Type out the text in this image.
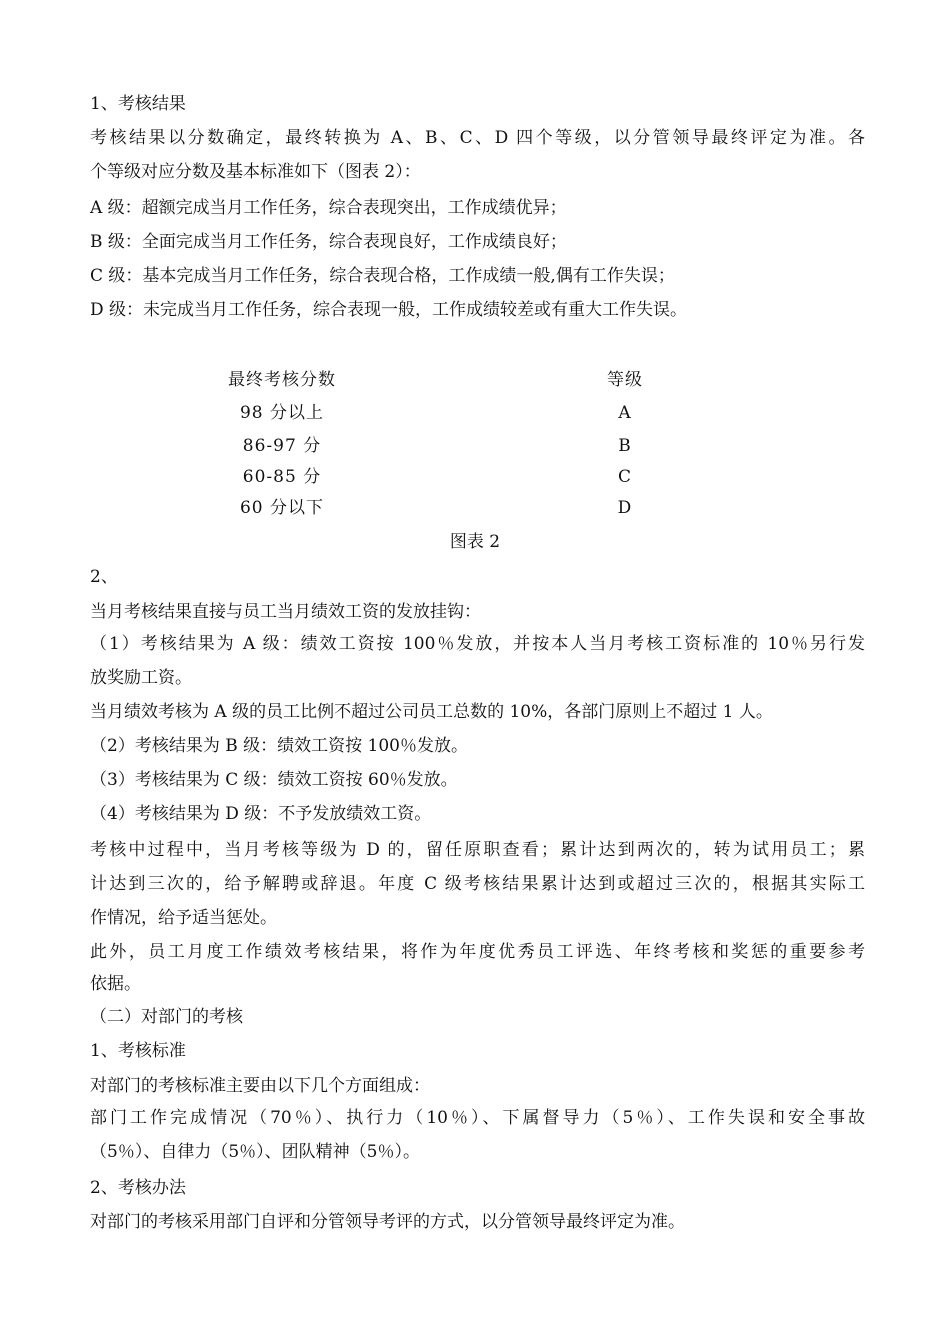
1、考核结果
考核结果以分数确定，最终转换为 A、B、C、D 四个等级，以分管领导最终评定为准。各
个等级对应分数及基本标准如下（图表 2）：
A 级：超额完成当月工作任务，综合表现突出，工作成绩优异；
B 级：全面完成当月工作任务，综合表现良好，工作成绩良好；
C 级：基本完成当月工作任务，综合表现合格，工作成绩一般,偶有工作失误；
D 级：未完成当月工作任务，综合表现一般，工作成绩较差或有重大工作失误。
最终考核分数	等级
98 分以上	A
86-97 分	B
60-85 分	C
60 分以下	D
图表 2
2、
当月考核结果直接与员工当月绩效工资的发放挂钩：
（1）考核结果为 A 级：绩效工资按 100％发放，并按本人当月考核工资标准的 10％另行发
放奖励工资。
当月绩效考核为 A 级的员工比例不超过公司员工总数的 10%，各部门原则上不超过 1 人。
（2）考核结果为 B 级：绩效工资按 100％发放。
（3）考核结果为 C 级：绩效工资按 60％发放。
（4）考核结果为 D 级：不予发放绩效工资。
考核中过程中，当月考核等级为 D 的，留任原职查看；累计达到两次的，转为试用员工；累
计达到三次的，给予解聘或辞退。年度 C 级考核结果累计达到或超过三次的，根据其实际工
作情况，给予适当惩处。
此外，员工月度工作绩效考核结果，将作为年度优秀员工评选、年终考核和奖惩的重要参考
依据。
（二）对部门的考核
1、考核标准
对部门的考核标准主要由以下几个方面组成：
部门工作完成情况（70％）、执行力（10％）、下属督导力（5％）、工作失误和安全事故
（5％）、自律力（5％）、团队精神（5％）。
2、考核办法
对部门的考核采用部门自评和分管领导考评的方式，以分管领导最终评定为准。
